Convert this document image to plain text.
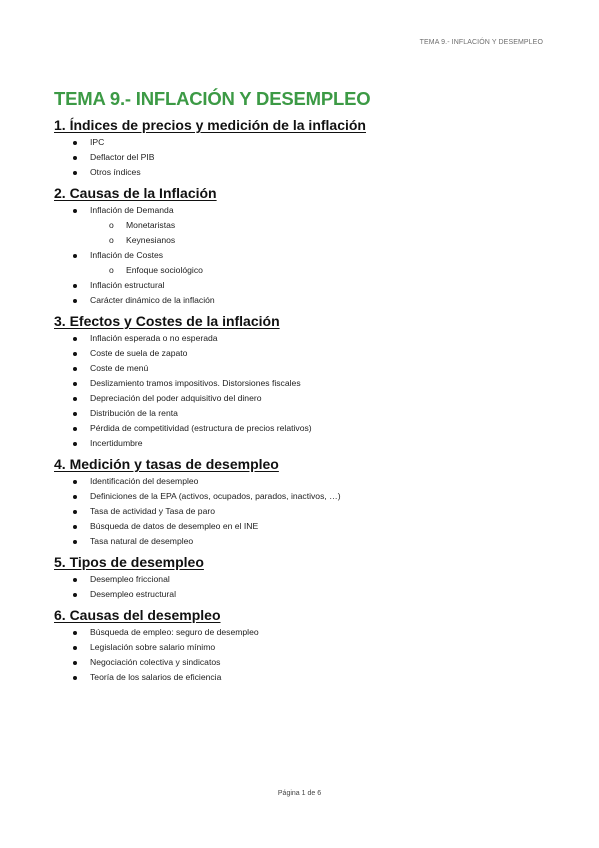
TEMA 9.- INFLACIÓN Y DESEMPLEO
TEMA 9.- INFLACIÓN Y DESEMPLEO
1. Índices de precios y medición de la inflación
IPC
Deflactor del PIB
Otros índices
2. Causas de la Inflación
Inflación de Demanda
o Monetaristas
o Keynesianos
Inflación de Costes
o Enfoque sociológico
Inflación estructural
Carácter dinámico de la inflación
3. Efectos y Costes de la inflación
Inflación esperada o no esperada
Coste de suela de zapato
Coste de menú
Deslizamiento tramos impositivos. Distorsiones fiscales
Depreciación del poder adquisitivo del dinero
Distribución de la renta
Pérdida de competitividad (estructura de precios relativos)
Incertidumbre
4. Medición y tasas de desempleo
Identificación del desempleo
Definiciones de la EPA (activos, ocupados, parados, inactivos, …)
Tasa de actividad y Tasa de paro
Búsqueda de datos de desempleo en el INE
Tasa natural de desempleo
5. Tipos de desempleo
Desempleo friccional
Desempleo estructural
6. Causas del desempleo
Búsqueda de empleo: seguro de desempleo
Legislación sobre salario mínimo
Negociación colectiva y sindicatos
Teoría de los salarios de eficiencia
Página 1 de 6
